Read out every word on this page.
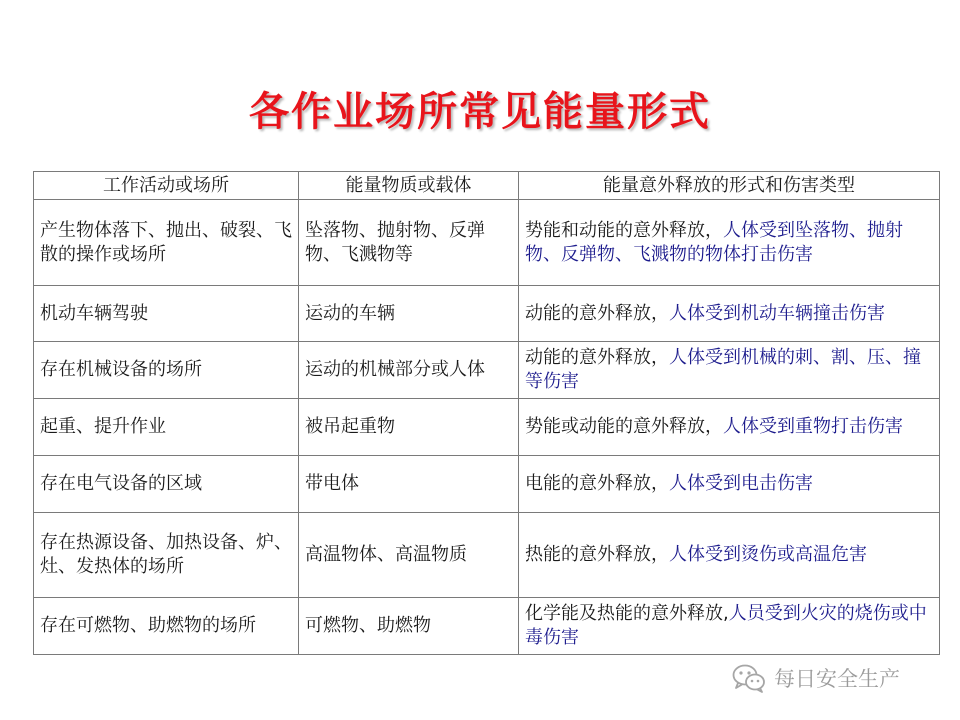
各作业场所常见能量形式
工作活动或场所	能量物质或载体	能量意外释放的形式和伤害类型
产生物体落下、抛出、破裂、飞散的操作或场所	坠落物、抛射物、反弹物、飞溅物等	势能和动能的意外释放，人体受到坠落物、抛射物、反弹物、飞溅物的物体打击伤害
机动车辆驾驶	运动的车辆	动能的意外释放，人体受到机动车辆撞击伤害
存在机械设备的场所	运动的机械部分或人体	动能的意外释放，人体受到机械的刺、割、压、撞等伤害
起重、提升作业	被吊起重物	势能或动能的意外释放，人体受到重物打击伤害
存在电气设备的区域	带电体	电能的意外释放，人体受到电击伤害
存在热源设备、加热设备、炉、灶、发热体的场所	高温物体、高温物质	热能的意外释放，人体受到烫伤或高温危害
存在可燃物、助燃物的场所	可燃物、助燃物	化学能及热能的意外释放,人员受到火灾的烧伤或中毒伤害
每日安全生产
